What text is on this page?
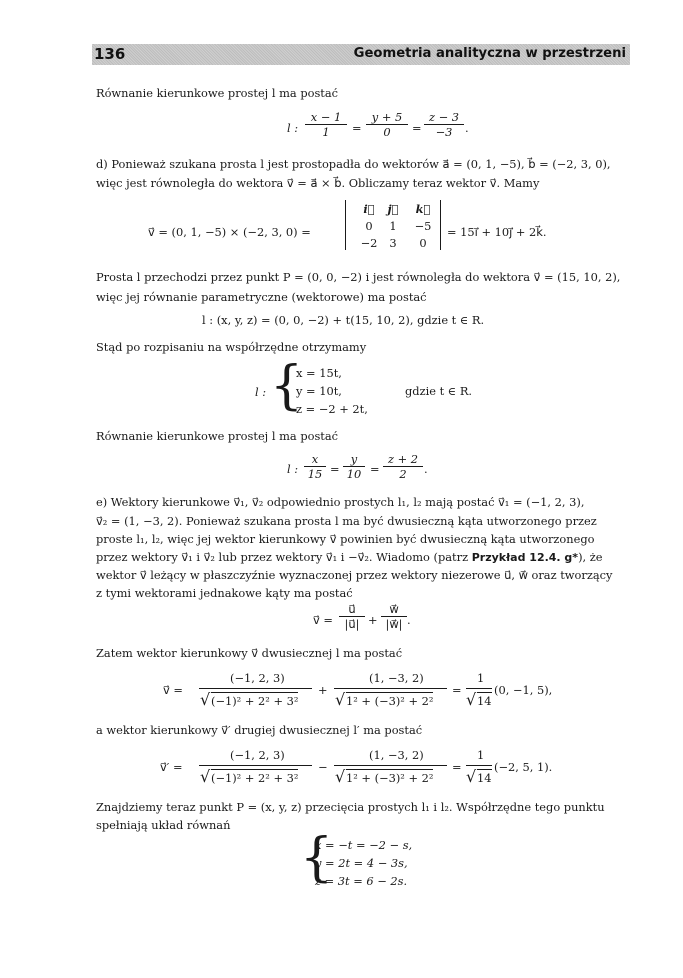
136	Geometria analityczna w przestrzeni
Równanie kierunkowe prostej l ma postać
l : $\frac{x - 1}{1} = \frac{y + 5}{0} = \frac{z - 3}{-3}$ .
d) Ponieważ szukana prosta l jest prostopadła do wektorów a⃗ = (0, 1, −5), b⃗ = (−2, 3, 0),
więc jest równoległa do wektora v⃗ = a⃗ × b⃗. Obliczamy teraz wektor v⃗. Mamy
v⃗ = (0, 1, −5) × (−2, 3, 0) =
i⃗	j⃗	k⃗
0	1	−5
−2	3	0
= 15i⃗ + 10j⃗ + 2k⃗.
Prosta l przechodzi przez punkt P = (0, 0, −2) i jest równoległa do wektora v⃗ = (15, 10, 2),
więc jej równanie parametryczne (wektorowe) ma postać
l : (x, y, z) = (0, 0, −2) + t(15, 10, 2), gdzie t ∈ R.
Stąd po rozpisaniu na współrzędne otrzymamy
l : {
x = 15t,
y = 10t,
z = −2 + 2t,
gdzie t ∈ R.
Równanie kierunkowe prostej l ma postać
l : $\frac{x}{15} = \frac{y}{10} = \frac{z + 2}{2}$ .
e) Wektory kierunkowe v⃗₁, v⃗₂ odpowiednio prostych l₁, l₂ mają postać v⃗₁ = (−1, 2, 3),
v⃗₂ = (1, −3, 2). Ponieważ szukana prosta l ma być dwusieczną kąta utworzonego przez
proste l₁, l₂, więc jej wektor kierunkowy v⃗ powinien być dwusieczną kąta utworzonego
przez wektory v⃗₁ i v⃗₂ lub przez wektory v⃗₁ i −v⃗₂. Wiadomo (patrz Przykład 12.4. g*), że
wektor v⃗ leżący w płaszczyźnie wyznaczonej przez wektory niezerowe u⃗, w⃗ oraz tworzący
z tymi wektorami jednakowe kąty ma postać
v⃗ = $\frac{u⃗}{|u⃗|} + \frac{w⃗}{|w⃗|}$ .
Zatem wektor kierunkowy v⃗ dwusiecznej l ma postać
v⃗ =
(−1, 2, 3)
√ (−1)² + 2² + 3²
+
(1, −3, 2)
√ 1² + (−3)² + 2²
=
1
√ 14
(0, −1, 5),
a wektor kierunkowy v⃗′ drugiej dwusiecznej l′ ma postać
v⃗′ =
(−1, 2, 3)
√ (−1)² + 2² + 3²
−
(1, −3, 2)
√ 1² + (−3)² + 2²
=
1
√ 14
(−2, 5, 1).
Znajdziemy teraz punkt P = (x, y, z) przecięcia prostych l₁ i l₂. Współrzędne tego punktu
spełniają układ równań
{
x = −t = −2 − s,
y = 2t = 4 − 3s,
z = 3t = 6 − 2s.
